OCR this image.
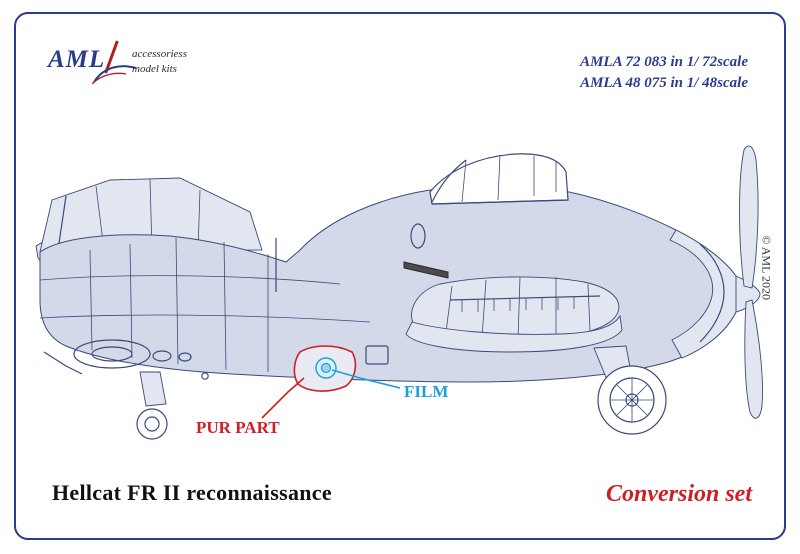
AML accessoriess
model kits	AMLA 72 083 in 1/ 72scale
AMLA 48 075 in 1/ 48scale
© AML 2020
FILM
PUR PART
Hellcat FR II reconnaissance	Conversion set
